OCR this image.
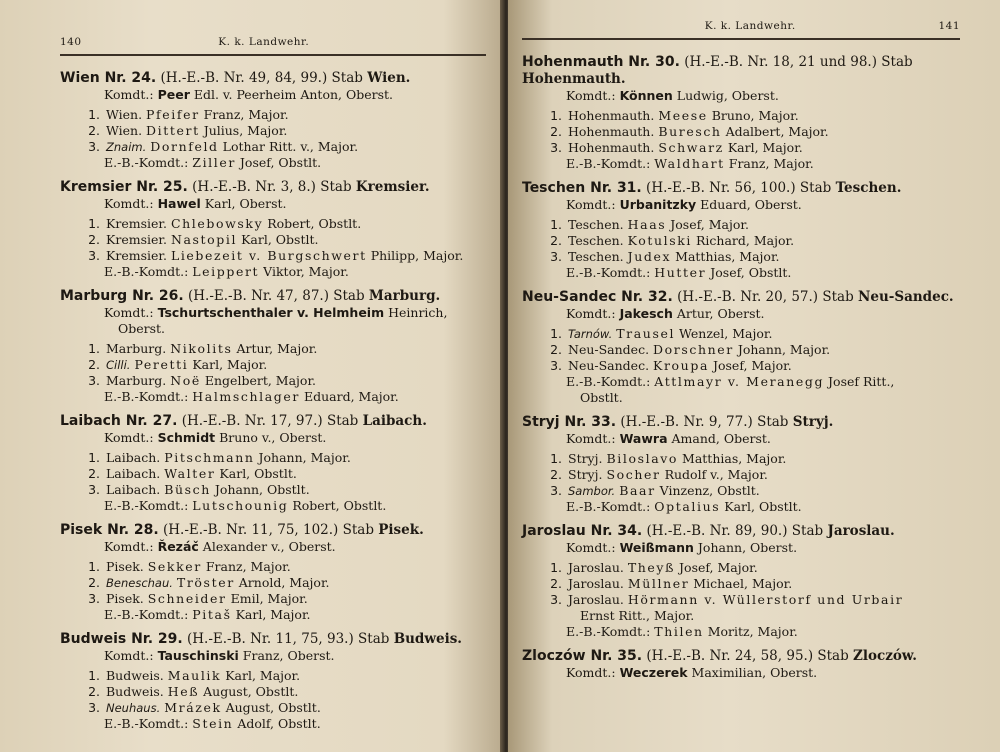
140	K. k. Landwehr.
Wien Nr. 24. (H.-E.-B. Nr. 49, 84, 99.) Stab Wien.
Komdt.: Peer Edl. v. Peerheim Anton, Oberst.
1. Wien. Pfeifer Franz, Major.
2. Wien. Dittert Julius, Major.
3. Znaim. Dornfeld Lothar Ritt. v., Major.
E.-B.-Komdt.: Ziller Josef, Obstlt.
Kremsier Nr. 25. (H.-E.-B. Nr. 3, 8.) Stab Kremsier.
Komdt.: Hawel Karl, Oberst.
1. Kremsier. Chlebowsky Robert, Obstlt.
2. Kremsier. Nastopil Karl, Obstlt.
3. Kremsier. Liebezeit v. Burgschwert Philipp, Major.
E.-B.-Komdt.: Leippert Viktor, Major.
Marburg Nr. 26. (H.-E.-B. Nr. 47, 87.) Stab Marburg.
Komdt.: Tschurtschenthaler v. Helmheim Heinrich,
Oberst.
1. Marburg. Nikolits Artur, Major.
2. Cilli. Peretti Karl, Major.
3. Marburg. Noë Engelbert, Major.
E.-B.-Komdt.: Halmschlager Eduard, Major.
Laibach Nr. 27. (H.-E.-B. Nr. 17, 97.) Stab Laibach.
Komdt.: Schmidt Bruno v., Oberst.
1. Laibach. Pitschmann Johann, Major.
2. Laibach. Walter Karl, Obstlt.
3. Laibach. Büsch Johann, Obstlt.
E.-B.-Komdt.: Lutschounig Robert, Obstlt.
Pisek Nr. 28. (H.-E.-B. Nr. 11, 75, 102.) Stab Pisek.
Komdt.: Řezáč Alexander v., Oberst.
1. Pisek. Sekker Franz, Major.
2. Beneschau. Tröster Arnold, Major.
3. Pisek. Schneider Emil, Major.
E.-B.-Komdt.: Pitaš Karl, Major.
Budweis Nr. 29. (H.-E.-B. Nr. 11, 75, 93.) Stab Budweis.
Komdt.: Tauschinski Franz, Oberst.
1. Budweis. Maulik Karl, Major.
2. Budweis. Heß August, Obstlt.
3. Neuhaus. Mrázek August, Obstlt.
E.-B.-Komdt.: Stein Adolf, Obstlt.
K. k. Landwehr.	141
Hohenmauth Nr. 30. (H.-E.-B. Nr. 18, 21 und 98.) Stab Hohenmauth.
Komdt.: Können Ludwig, Oberst.
1. Hohenmauth. Meese Bruno, Major.
2. Hohenmauth. Buresch Adalbert, Major.
3. Hohenmauth. Schwarz Karl, Major.
E.-B.-Komdt.: Waldhart Franz, Major.
Teschen Nr. 31. (H.-E.-B. Nr. 56, 100.) Stab Teschen.
Komdt.: Urbanitzky Eduard, Oberst.
1. Teschen. Haas Josef, Major.
2. Teschen. Kotulski Richard, Major.
3. Teschen. Judex Matthias, Major.
E.-B.-Komdt.: Hutter Josef, Obstlt.
Neu-Sandec Nr. 32. (H.-E.-B. Nr. 20, 57.) Stab Neu-Sandec.
Komdt.: Jakesch Artur, Oberst.
1. Tarnów. Trausel Wenzel, Major.
2. Neu-Sandec. Dorschner Johann, Major.
3. Neu-Sandec. Kroupa Josef, Major.
E.-B.-Komdt.: Attlmayr v. Meranegg Josef Ritt.,
Obstlt.
Stryj Nr. 33. (H.-E.-B. Nr. 9, 77.) Stab Stryj.
Komdt.: Wawra Amand, Oberst.
1. Stryj. Biloslavo Matthias, Major.
2. Stryj. Socher Rudolf v., Major.
3. Sambor. Baar Vinzenz, Obstlt.
E.-B.-Komdt.: Optalius Karl, Obstlt.
Jaroslau Nr. 34. (H.-E.-B. Nr. 89, 90.) Stab Jaroslau.
Komdt.: Weißmann Johann, Oberst.
1. Jaroslau. Theyß Josef, Major.
2. Jaroslau. Müllner Michael, Major.
3. Jaroslau. Hörmann v. Wüllerstorf und Urbair
Ernst Ritt., Major.
E.-B.-Komdt.: Thilen Moritz, Major.
Zloczów Nr. 35. (H.-E.-B. Nr. 24, 58, 95.) Stab Zloczów.
Komdt.: Weczerek Maximilian, Oberst.
